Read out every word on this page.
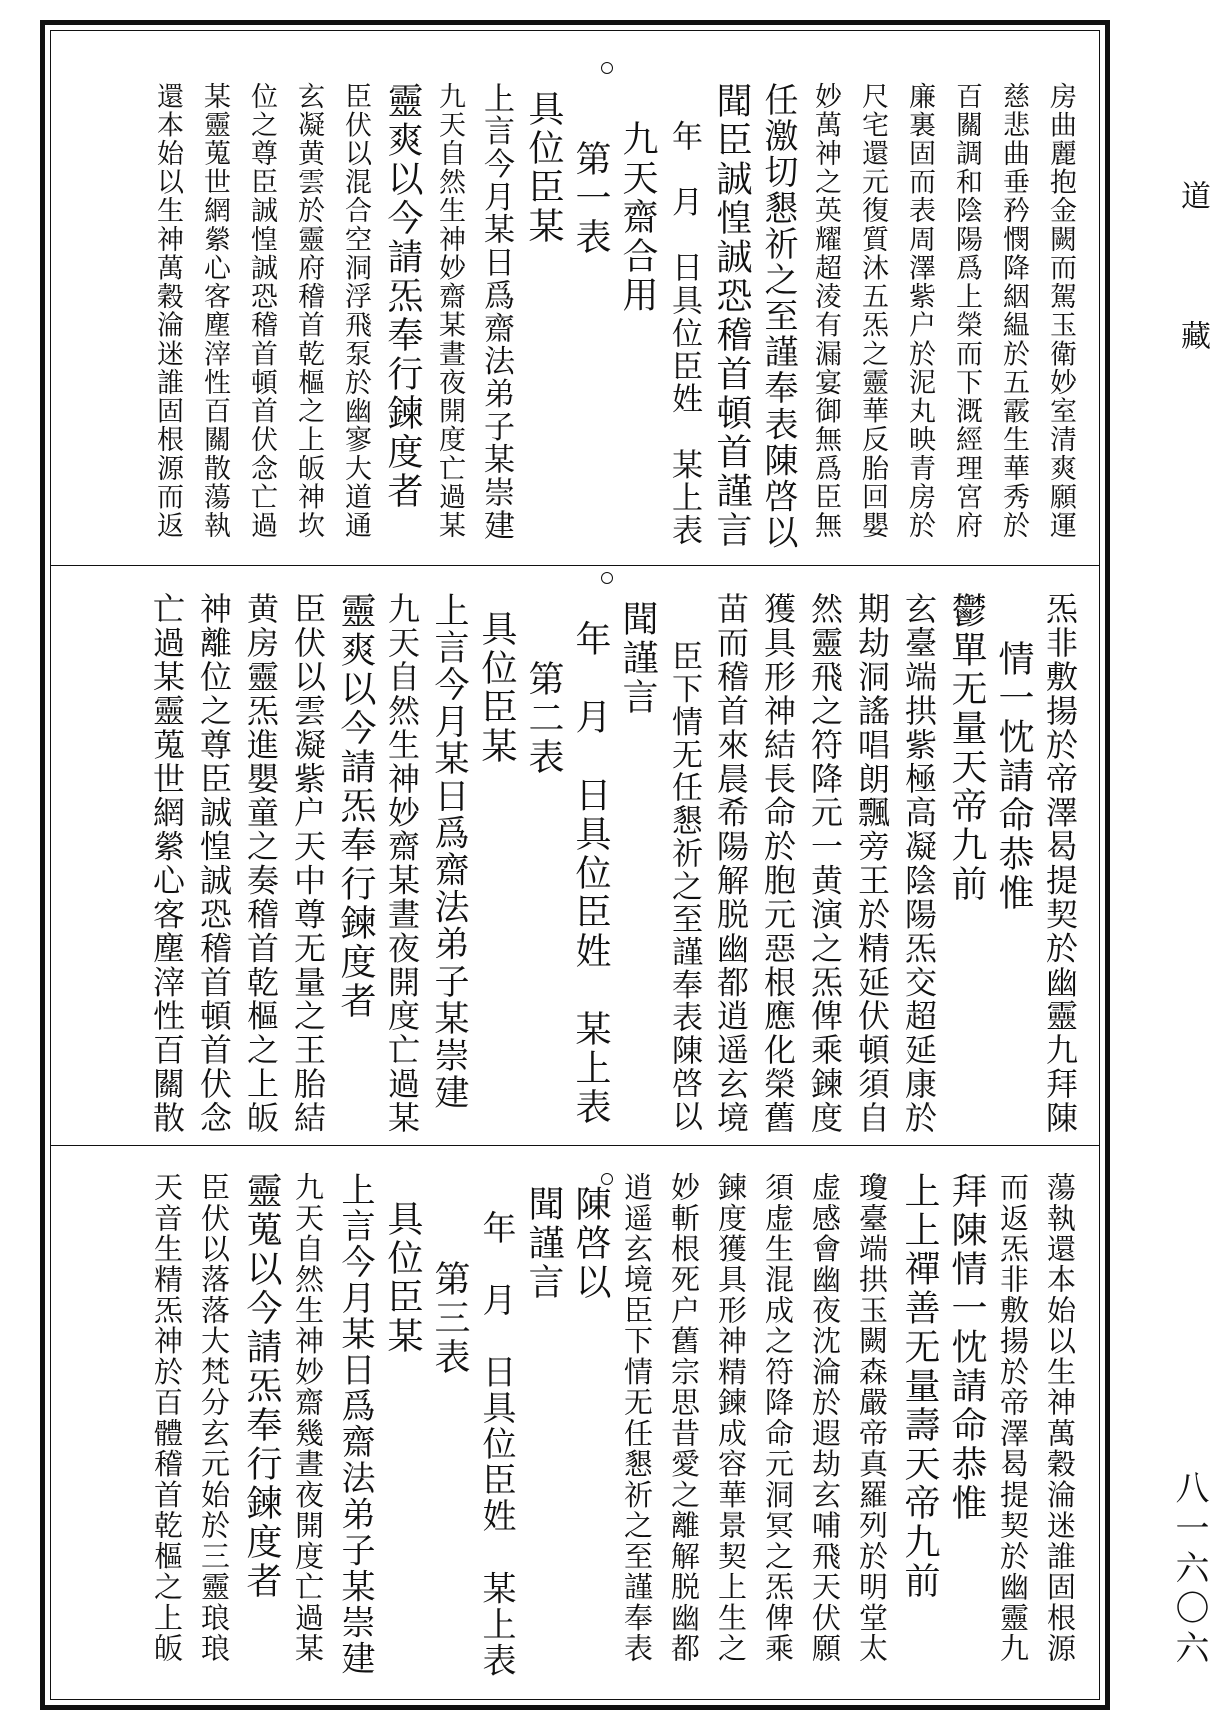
道
藏
八一六〇六
房曲麗抱金闕而駕玉衛妙室清爽願運
慈悲曲垂矜憫降絪緼於五霰生華秀於
百關調和陰陽爲上榮而下溉經理宮府
廉裏固而表周澤紫户於泥丸映青房於
尺宅還元復質沐五炁之靈華反胎回嬰
妙萬神之英耀超淩有漏宴御無爲臣無
任激切懇祈之至謹奉表陳啓以
聞臣誠惶誠恐稽首頓首謹言
年　月　日具位臣姓　某上表
九天齋合用
第一表
具位臣某
上言今月某日爲齋法弟子某崇建
九天自然生神妙齋某晝夜開度亡過某
靈爽以今請炁奉行鍊度者
臣伏以混合空洞浮飛泵於幽寥大道通
玄凝黄雲於靈府稽首乾樞之上皈神坎
位之尊臣誠惶誠恐稽首頓首伏念亡過
某靈蒐世網縈心客塵滓性百關散蕩執
還本始以生神萬穀淪迷誰固根源而返
炁非敷揚於帝澤曷提契於幽靈九拜陳
情一忱請命恭惟
鬱單无量天帝九前
玄臺端拱紫極高凝陰陽炁交超延康於
期劫洞謠唱朗飄旁王於精延伏頓須自
然靈飛之符降元一黄演之炁俾乘鍊度
獲具形神結長命於胞元惡根應化榮舊
苗而稽首來晨希陽解脱幽都逍遥玄境
臣下情无任懇祈之至謹奉表陳啓以
聞謹言
年　月　日具位臣姓　某上表
第二表
具位臣某
上言今月某日爲齋法弟子某崇建
九天自然生神妙齋某晝夜開度亡過某
靈爽以今請炁奉行鍊度者
臣伏以雲凝紫户天中尊无量之王胎結
黄房靈炁進嬰童之奏稽首乾樞之上皈
神離位之尊臣誠惶誠恐稽首頓首伏念
亡過某靈蒐世網縈心客塵滓性百關散
蕩執還本始以生神萬穀淪迷誰固根源
而返炁非敷揚於帝澤曷提契於幽靈九
拜陳情一忱請命恭惟
上上禪善无量壽天帝九前
瓊臺端拱玉闕森嚴帝真羅列於明堂太
虚感會幽夜沈淪於遐劫玄哺飛天伏願
須虚生混成之符降命元洞冥之炁俾乘
鍊度獲具形神精鍊成容華景契上生之
妙斬根死户舊宗思昔愛之離解脱幽都
逍遥玄境臣下情无任懇祈之至謹奉表
陳啓以
聞謹言
年　月　日具位臣姓　某上表
第三表
具位臣某
上言今月某日爲齋法弟子某崇建
九天自然生神妙齋幾晝夜開度亡過某
靈蒐以今請炁奉行鍊度者
臣伏以落落大梵分玄元始於三靈琅琅
天音生精炁神於百體稽首乾樞之上皈
